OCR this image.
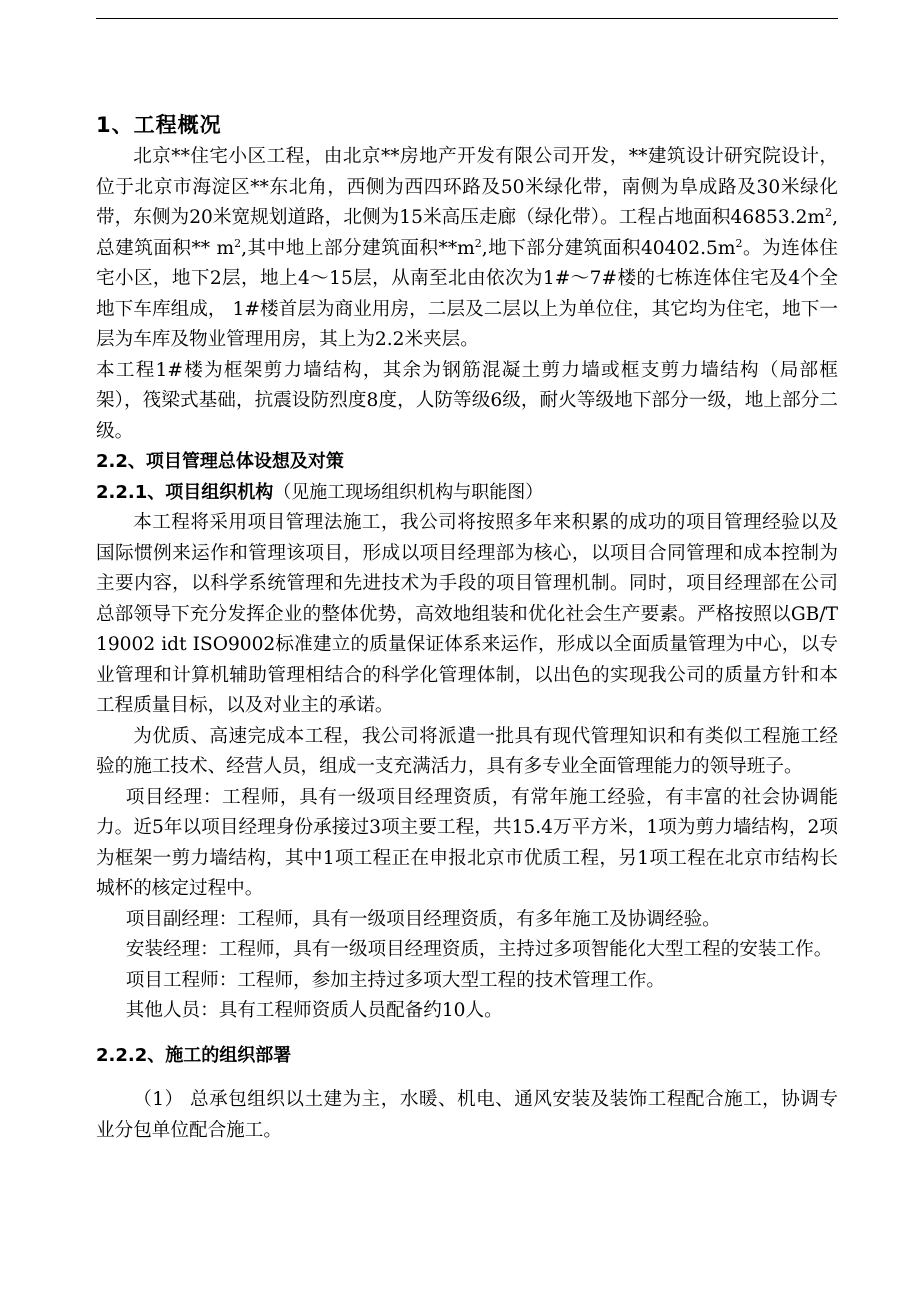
1、工程概况

北京**住宅小区工程，由北京**房地产开发有限公司开发，**建筑设计研究院设计，位于北京市海淀区**东北角，西侧为西四环路及50米绿化带，南侧为阜成路及30米绿化带，东侧为20米宽规划道路，北侧为15米高压走廊（绿化带）。工程占地面积$46853.2m^2$,总建筑面积** $m^2$,其中地上部分建筑面积$**m^2$,地下部分建筑面积$40402.5m^2$。为连体住宅小区，地下2层，地上4～15层，从南至北由依次为1#～7#楼的七栋连体住宅及4个全地下车库组成， 1#楼首层为商业用房，二层及二层以上为单位住，其它均为住宅，地下一层为车库及物业管理用房，其上为2.2米夹层。

本工程1#楼为框架剪力墙结构，其余为钢筋混凝土剪力墙或框支剪力墙结构（局部框架），筏梁式基础，抗震设防烈度8度，人防等级6级，耐火等级地下部分一级，地上部分二级。

2.2、项目管理总体设想及对策
2.2.1、项目组织机构（见施工现场组织机构与职能图）

本工程将采用项目管理法施工，我公司将按照多年来积累的成功的项目管理经验以及国际惯例来运作和管理该项目，形成以项目经理部为核心，以项目合同管理和成本控制为主要内容，以科学系统管理和先进技术为手段的项目管理机制。同时，项目经理部在公司总部领导下充分发挥企业的整体优势，高效地组装和优化社会生产要素。严格按照以GB/T19002 idt ISO9002标准建立的质量保证体系来运作，形成以全面质量管理为中心，以专业管理和计算机辅助管理相结合的科学化管理体制，以出色的实现我公司的质量方针和本工程质量目标，以及对业主的承诺。

为优质、高速完成本工程，我公司将派遣一批具有现代管理知识和有类似工程施工经验的施工技术、经营人员，组成一支充满活力，具有多专业全面管理能力的领导班子。

项目经理：工程师，具有一级项目经理资质，有常年施工经验，有丰富的社会协调能力。近5年以项目经理身份承接过3项主要工程，共15.4万平方米，1项为剪力墙结构，2项为框架一剪力墙结构，其中1项工程正在申报北京市优质工程，另1项工程在北京市结构长城杯的核定过程中。

项目副经理：工程师，具有一级项目经理资质，有多年施工及协调经验。

安装经理：工程师，具有一级项目经理资质，主持过多项智能化大型工程的安装工作。

项目工程师：工程师，参加主持过多项大型工程的技术管理工作。

其他人员：具有工程师资质人员配备约10人。

2.2.2、施工的组织部署

（1） 总承包组织以土建为主，水暖、机电、通风安装及装饰工程配合施工，协调专业分包单位配合施工。
